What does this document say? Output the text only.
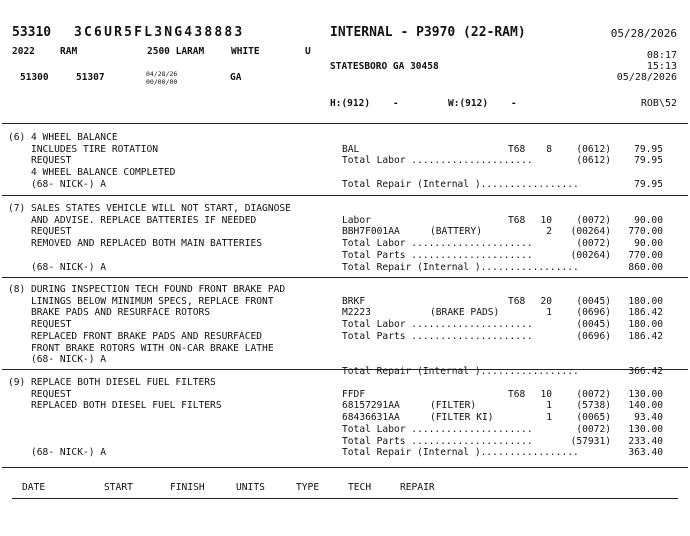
53310 3C6UR5FL3NG438883	INTERNAL - P3970 (22-RAM)	05/28/2026
2022	RAM	2500 LARAM	WHITE	U	08:17
15:13
05/28/2026
STATESBORO GA 30458
51300	51307	04/28/26
00/00/00	GA
H:(912)    -	W:(912)    -	ROB\52
(6) 4 WHEEL BALANCE
INCLUDES TIRE ROTATION
REQUEST
4 WHEEL BALANCE COMPLETED
(68- NICK-) A
BAL	T68 8	(0612) 79.95
Total Labor .....................	(0612) 79.95
Total Repair (Internal ).................	79.95
(7) SALES STATES VEHICLE WILL NOT START, DIAGNOSE
AND ADVISE. REPLACE BATTERIES IF NEEDED
REQUEST
REMOVED AND REPLACED BOTH MAIN BATTERIES
(68- NICK-) A
Labor	T68 10	(0072) 90.00
BBH7F001AA	(BATTERY)	2 (00264) 770.00
Total Labor .....................	(0072) 90.00
Total Parts .....................	(00264) 770.00
Total Repair (Internal ).................	860.00
(8) DURING INSPECTION TECH FOUND FRONT BRAKE PAD
LININGS BELOW MINIMUM SPECS, REPLACE FRONT
BRAKE PADS AND RESURFACE ROTORS
REQUEST
REPLACED FRONT BRAKE PADS AND RESURFACED
FRONT BRAKE ROTORS WITH ON-CAR BRAKE LATHE
(68- NICK-) A
BRKF	T68 20	(0045) 180.00
M2223	(BRAKE PADS)	1	(0696) 186.42
Total Labor .....................	(0045) 180.00
Total Parts .....................	(0696) 186.42
Total Repair (Internal ).................	366.42
(9) REPLACE BOTH DIESEL FUEL FILTERS
REQUEST
REPLACED BOTH DIESEL FUEL FILTERS
(68- NICK-) A
FFDF	T68 10	(0072) 130.00
68157291AA	(FILTER)	1	(5738) 140.00
68436631AA	(FILTER KI)	1	(0065) 93.40
Total Labor .....................	(0072) 130.00
Total Parts .....................	(57931) 233.40
Total Repair (Internal ).................	363.40
DATE	START	FINISH	UNITS	TYPE	TECH	REPAIR
